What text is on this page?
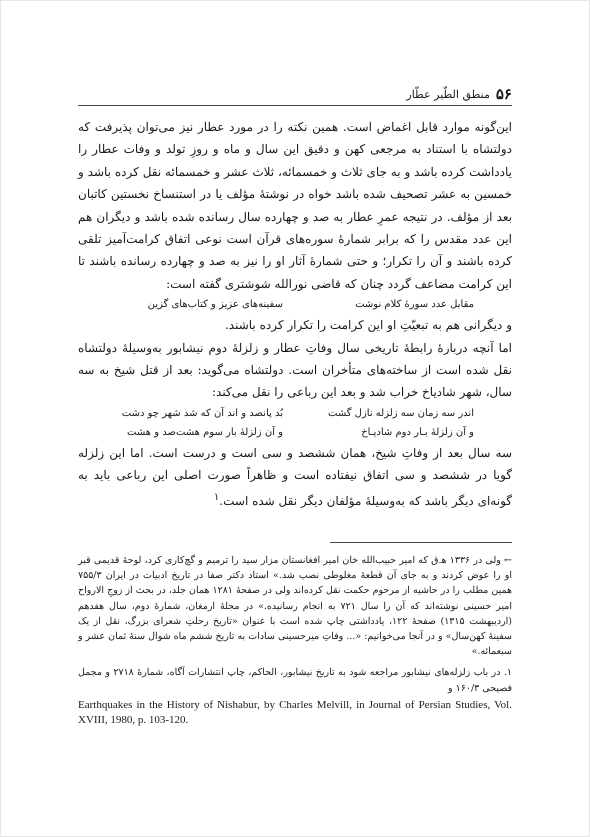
۵۶
منطق الطّیر عطّار

این‌گونه موارد قابل اغماض است. همین نکته را در مورد عطار نیز می‌توان پذیرفت که دولتشاه با استناد به مرجعی کهن و دقیق این سال و ماه و روزِ تولد و وفات عطار را یادداشت کرده باشد و به جای ثلاث و خمسمائه، ثلاث عشر و خمسمائه نقل کرده باشد و خمسین به عشر تصحیف شده باشد خواه در نوشتهٔ مؤلف یا در استنساخ نخستین کاتبان بعد از مؤلف. در نتیجه عمرِ عطار به صد و چهارده سال رسانده شده باشد و دیگران هم این عدد مقدس را که برابر شمارهٔ سوره‌های قرآن است نوعی اتفاق کرامت‌آمیز تلقی کرده باشند و آن را تکرار؛ و حتی شمارهٔ آثار او را نیز به صد و چهارده رسانده باشند تا این کرامت مضاعف گردد چنان که قاضی نورالله شوشتری گفته است:

مقابل عدد سورهٔ کلام نوشت
سفینه‌های عزیز و کتاب‌های گزین

و دیگرانی هم به تبعیّتِ او این کرامت را تکرار کرده باشند.

اما آنچه دربارهٔ رابطهٔ تاریخی سال وفاتِ عطار و زلزلهٔ دوم نیشابور به‌وسیلهٔ دولتشاه نقل شده است از ساخته‌های متأخران است. دولتشاه می‌گوید: بعد از قتل شیخ به سه سال، شهر شادیاخ خراب شد و بعد این رباعی را نقل می‌کند:

اندر سه زمان سه زلزله نازل گشت
بُد پانصد و اند آن که شد شهر چو دشت
و آن زلزلهٔ بـار دوم شادیـاخ
و آن زلزلهٔ بار سوم هشت‌صد و هشت

سه سال بعد از وفاتِ شیخ، همان ششصد و سی است و درست است. اما این زلزله گویا در ششصد و سی اتفاق نیفتاده است و ظاهراً صورت اصلی این رباعی باید به گونه‌ای دیگر باشد که به‌وسیلهٔ مؤلفان دیگر نقل شده است.$^۱$

← ولی در ۱۳۳۶ ه‍.ق که امیر حبیب‌الله خان امیر افغانستان مزار سید را ترمیم و گچ‌کاری کرد، لوحهٔ قدیمی قبر او را عوض کردند و به جای آن قطعهٔ مغلوطی نصب شد.» استاد دکتر صفا در تاریخ ادبیات در ایران ۷۵۵/۳ همین مطلب را در حاشیه از مرحوم حکمت نقل کرده‌اند ولی در صفحهٔ ۱۲۸۱ همان جلد، در بحث از زوجِ الارواح امیر حسینی نوشته‌اند که آن را سال ۷۲۱ به انجام رسانیده.» در مجلهٔ ارمغان، شمارهٔ دوم، سال هفدهم (اردیبهشت ۱۳۱۵) صفحهٔ ۱۲۲، یادداشتی چاپ شده است با عنوان «تاریخ رحلتِ شعرای بزرگ، نقل از یک سفینهٔ کهن‌سال» و در آنجا می‌خوانیم: «... وفاتِ میرحسینی سادات به تاریخ ششم ماه شوال سنهٔ ثمان عشر و سبعمائه.»

۱. در باب زلزله‌های نیشابور مراجعه شود به تاریخ نیشابور، الحاکم، چاپ انتشارات آگاه، شمارهٔ ۲۷۱۸ و مجمل فصیحی ۱۶۰/۳ و

Earthquakes in the History of Nishabur, by Charles Melvill, in Journal of Persian Studies, Vol. XVIII, 1980, p. 103-120.
